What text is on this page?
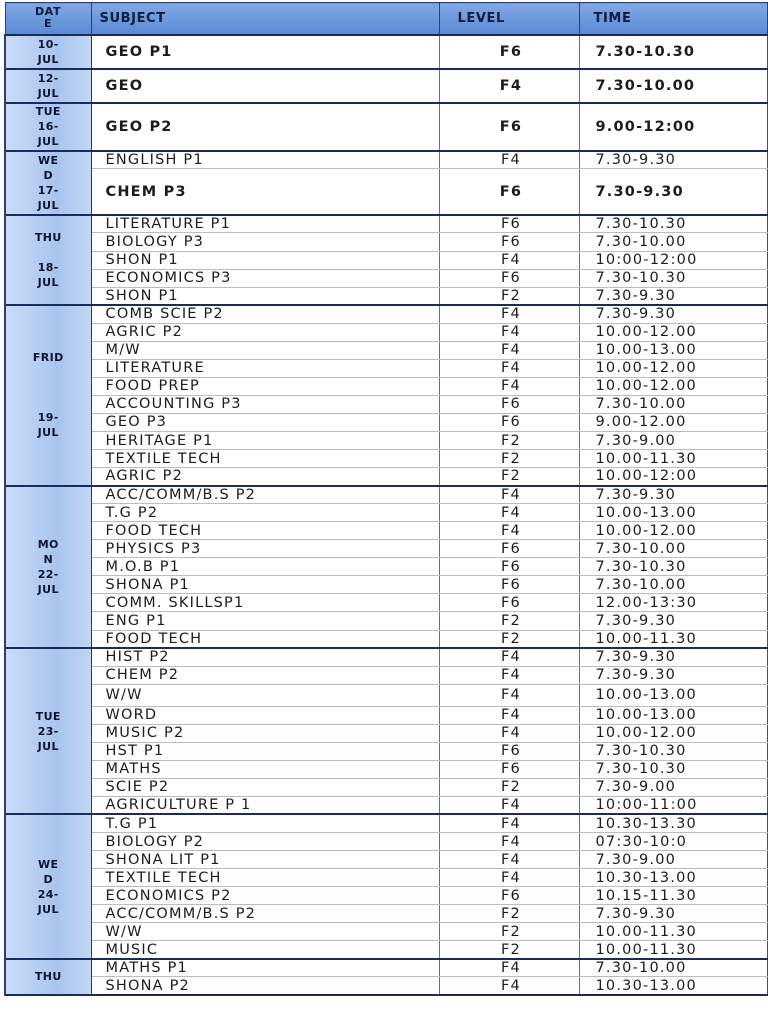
DAT
E	SUBJECT	LEVEL	TIME

10-
JUL	GEO P1	F6	7.30-10.30

12-
JUL	GEO	F4	7.30-10.00

TUE
16-
JUL	GEO P2	F6	9.00-12:00

WE
D
17-
JUL	ENGLISH P1	F4	7.30-9.30
	CHEM P3	F6	7.30-9.30

THU
18-
JUL	LITERATURE P1	F6	7.30-10.30
	BIOLOGY P3	F6	7.30-10.00
	SHON P1	F4	10:00-12:00
	ECONOMICS P3	F6	7.30-10.30
	SHON P1	F2	7.30-9.30

FRID
19-
JUL	COMB SCIE P2	F4	7.30-9.30
	AGRIC P2	F4	10.00-12.00
	M/W	F4	10.00-13.00
	LITERATURE	F4	10.00-12.00
	FOOD PREP	F4	10.00-12.00
	ACCOUNTING P3	F6	7.30-10.00
	GEO P3	F6	9.00-12.00
	HERITAGE P1	F2	7.30-9.00
	TEXTILE TECH	F2	10.00-11.30
	AGRIC P2	F2	10.00-12:00

MO
N
22-
JUL	ACC/COMM/B.S P2	F4	7.30-9.30
	T.G P2	F4	10.00-13.00
	FOOD TECH	F4	10.00-12.00
	PHYSICS P3	F6	7.30-10.00
	M.O.B P1	F6	7.30-10.30
	SHONA P1	F6	7.30-10.00
	COMM. SKILLSP1	F6	12.00-13:30
	ENG P1	F2	7.30-9.30
	FOOD TECH	F2	10.00-11.30

TUE
23-
JUL	HIST P2	F4	7.30-9.30
	CHEM P2	F4	7.30-9.30
	W/W	F4	10.00-13.00
	WORD	F4	10.00-13.00
	MUSIC P2	F4	10.00-12.00
	HST P1	F6	7.30-10.30
	MATHS	F6	7.30-10.30
	SCIE P2	F2	7.30-9.00
	AGRICULTURE P 1	F4	10:00-11:00

WE
D
24-
JUL	T.G P1	F4	10.30-13.30
	BIOLOGY P2	F4	07:30-10:0
	SHONA LIT P1	F4	7.30-9.00
	TEXTILE TECH	F4	10.30-13.00
	ECONOMICS P2	F6	10.15-11.30
	ACC/COMM/B.S P2	F2	7.30-9.30
	W/W	F2	10.00-11.30
	MUSIC	F2	10.00-11.30

THU	MATHS P1	F4	7.30-10.00
	SHONA P2	F4	10.30-13.00
